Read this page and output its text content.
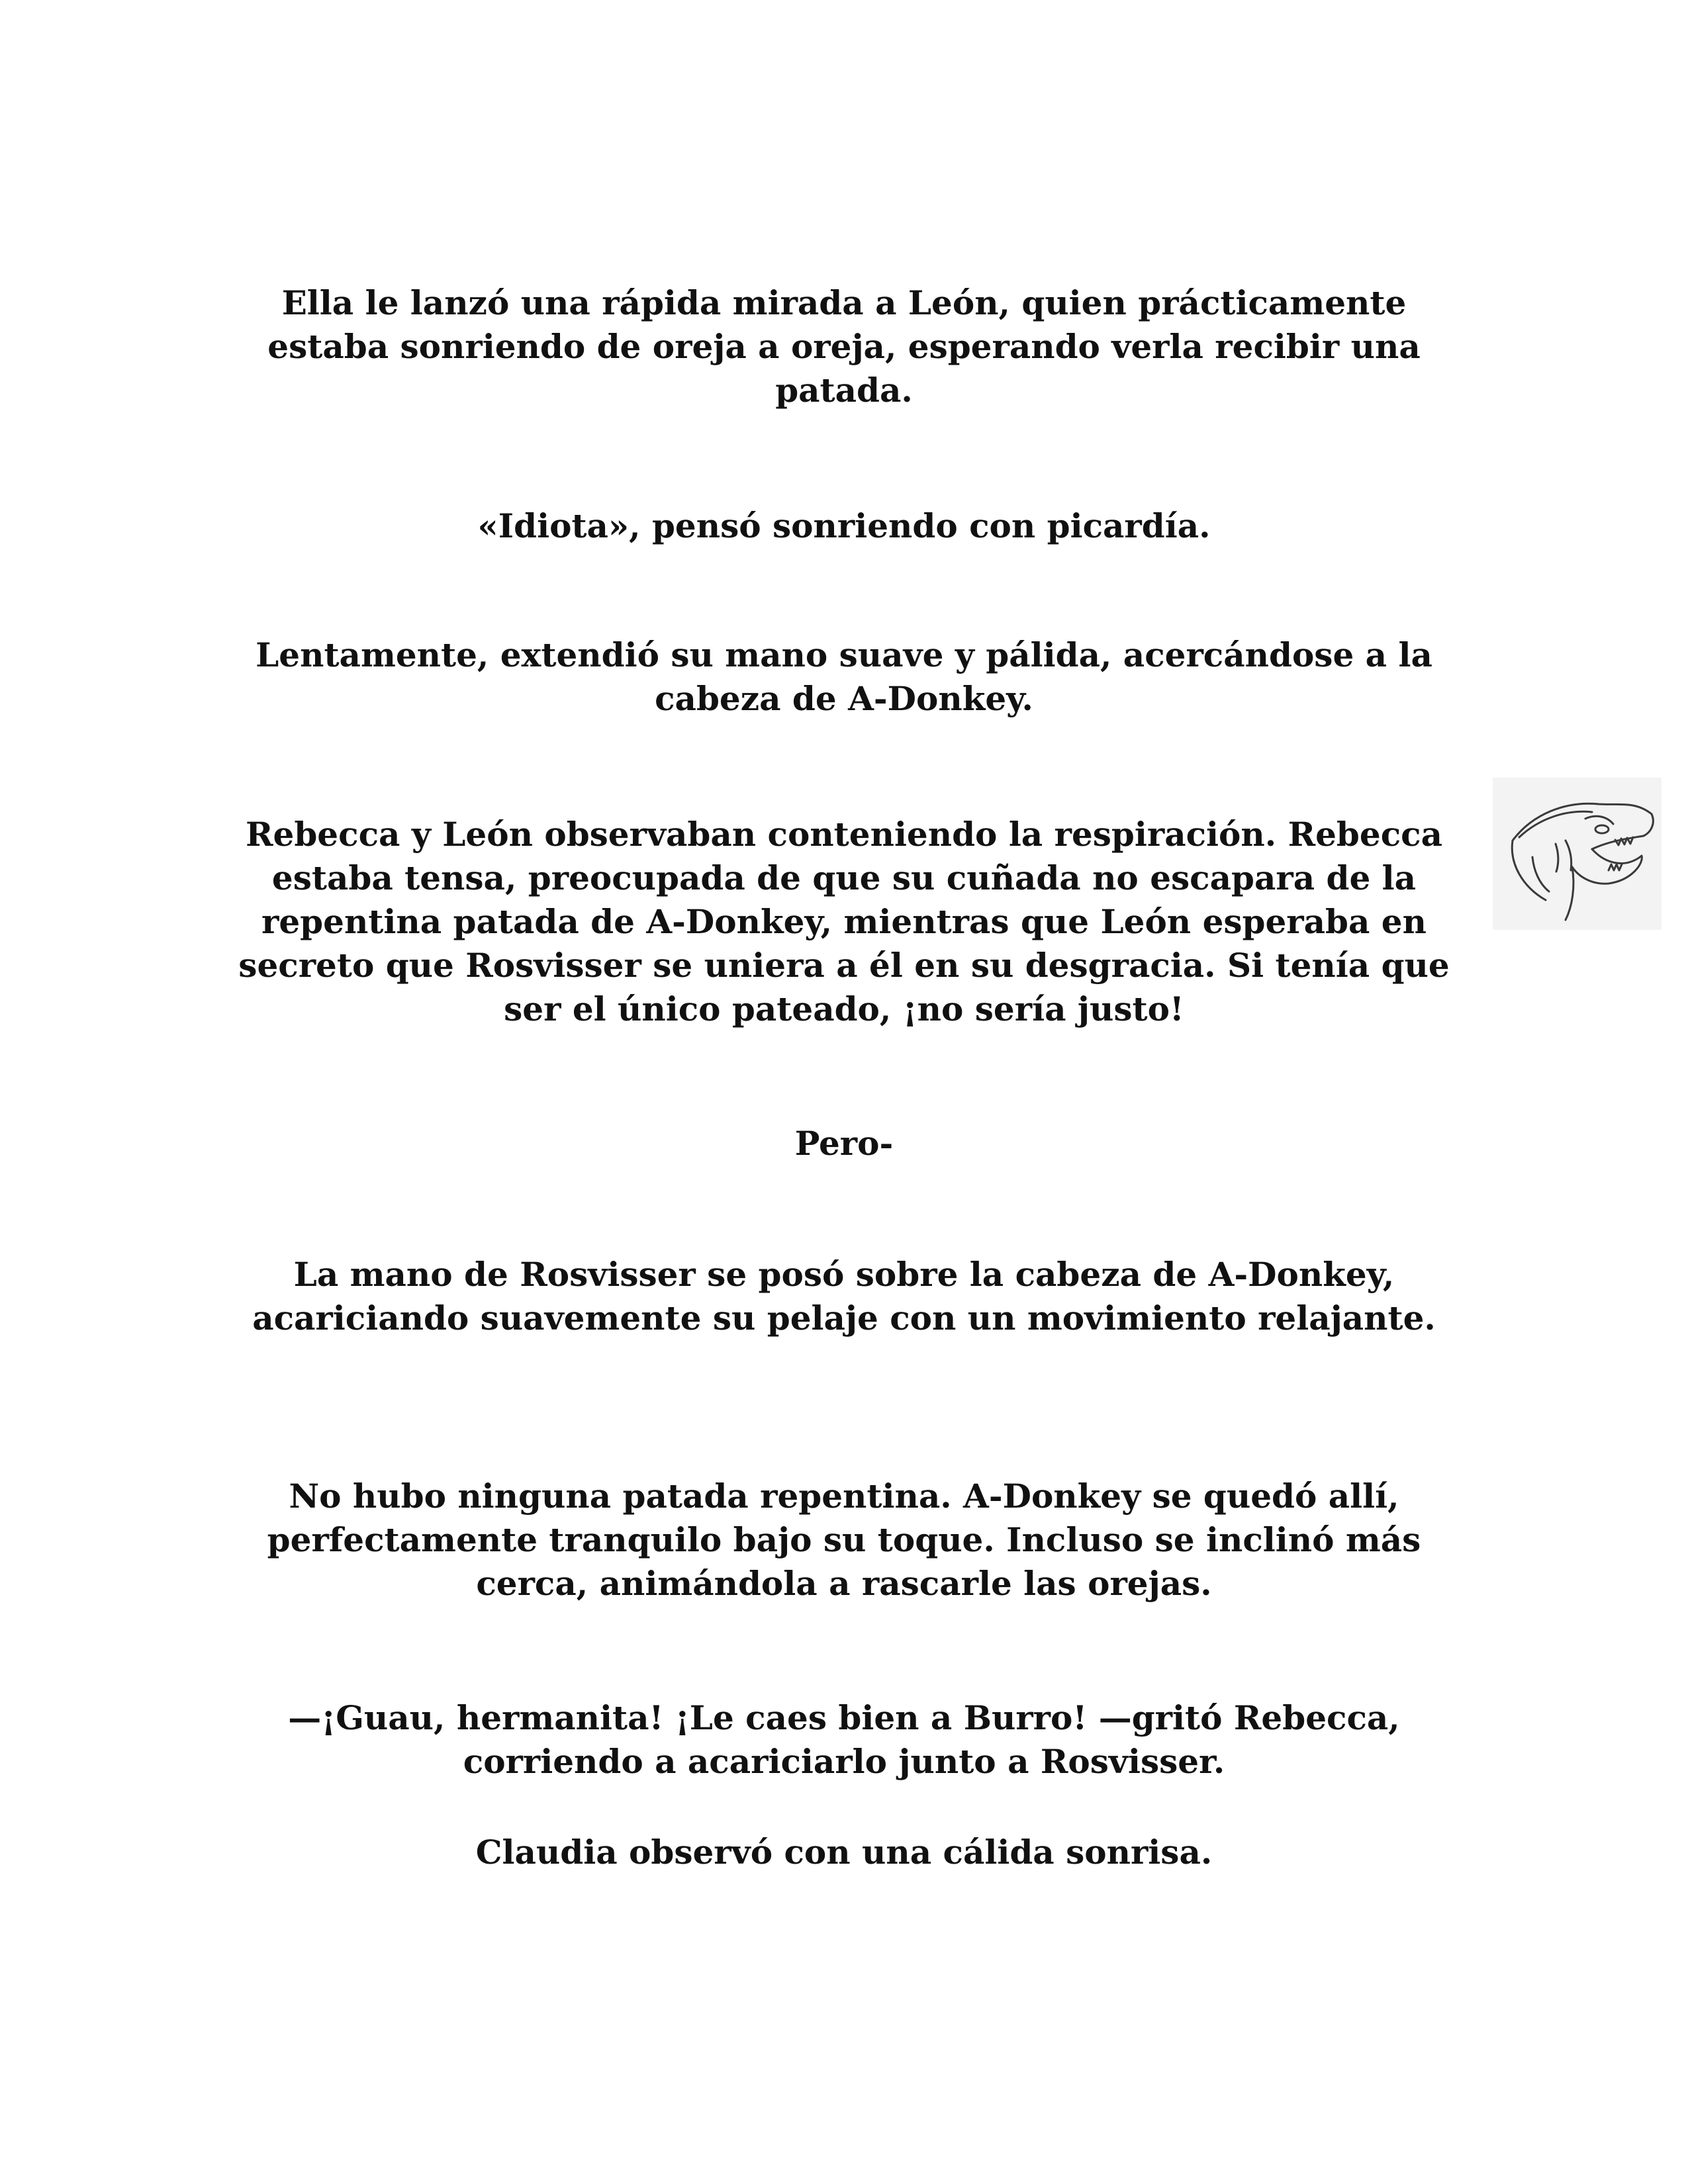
Ella le lanzó una rápida mirada a León, quien prácticamente estaba sonriendo de oreja a oreja, esperando verla recibir una patada.

«Idiota», pensó sonriendo con picardía.

Lentamente, extendió su mano suave y pálida, acercándose a la cabeza de A-Donkey.

Rebecca y León observaban conteniendo la respiración. Rebecca estaba tensa, preocupada de que su cuñada no escapara de la repentina patada de A-Donkey, mientras que León esperaba en secreto que Rosvisser se uniera a él en su desgracia. Si tenía que ser el único pateado, ¡no sería justo!

Pero-

La mano de Rosvisser se posó sobre la cabeza de A-Donkey, acariciando suavemente su pelaje con un movimiento relajante.

No hubo ninguna patada repentina. A-Donkey se quedó allí, perfectamente tranquilo bajo su toque. Incluso se inclinó más cerca, animándola a rascarle las orejas.

—¡Guau, hermanita! ¡Le caes bien a Burro! —gritó Rebecca, corriendo a acariciarlo junto a Rosvisser.

Claudia observó con una cálida sonrisa.
